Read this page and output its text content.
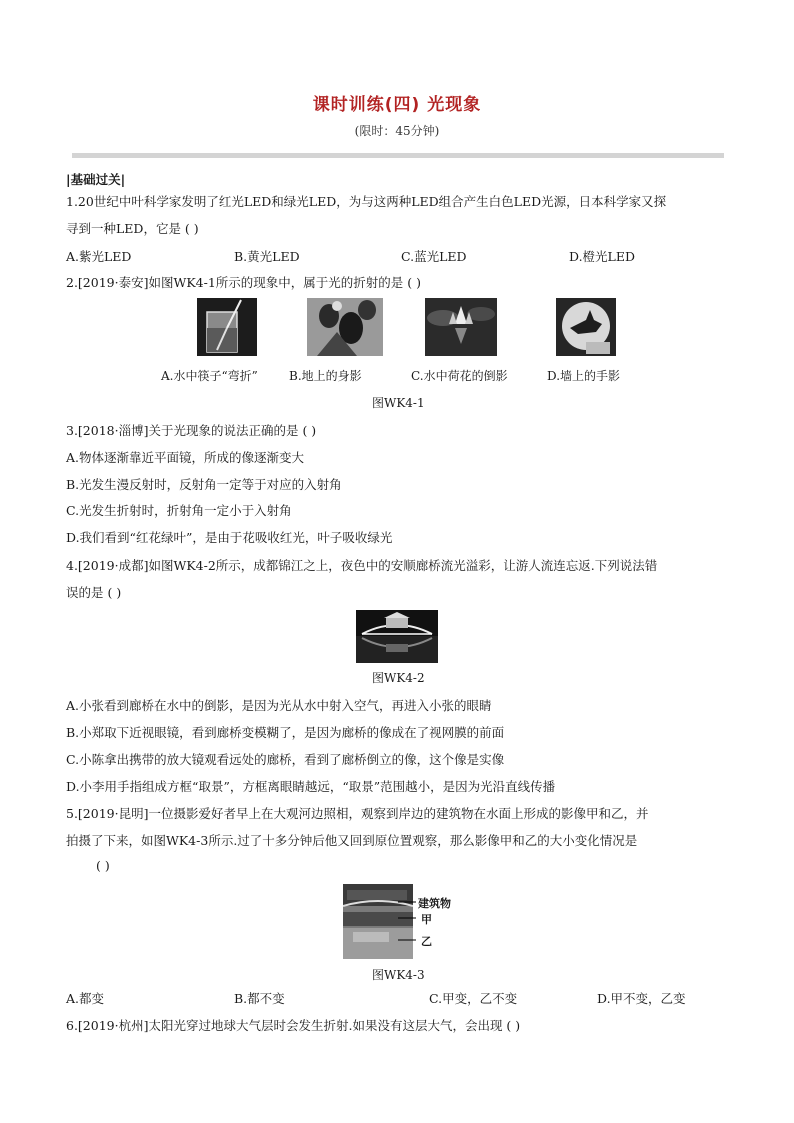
课时训练(四) 光现象
(限时：45分钟)
|基础过关|
1.20世纪中叶科学家发明了红光LED和绿光LED，为与这两种LED组合产生白色LED光源，日本科学家又探
寻到一种LED，它是 ( )
A.紫光LED	B.黄光LED	C.蓝光LED	D.橙光LED
2.[2019·泰安]如图WK4-1所示的现象中，属于光的折射的是 ( )
A.水中筷子“弯折”	B.地上的身影	C.水中荷花的倒影	D.墙上的手影
图WK4-1
3.[2018·淄博]关于光现象的说法正确的是 ( )
A.物体逐渐靠近平面镜，所成的像逐渐变大
B.光发生漫反射时，反射角一定等于对应的入射角
C.光发生折射时，折射角一定小于入射角
D.我们看到“红花绿叶”，是由于花吸收红光，叶子吸收绿光
4.[2019·成都]如图WK4-2所示，成都锦江之上，夜色中的安顺廊桥流光溢彩，让游人流连忘返.下列说法错
误的是 ( )
图WK4-2
A.小张看到廊桥在水中的倒影，是因为光从水中射入空气，再进入小张的眼睛
B.小郑取下近视眼镜，看到廊桥变模糊了，是因为廊桥的像成在了视网膜的前面
C.小陈拿出携带的放大镜观看远处的廊桥，看到了廊桥倒立的像，这个像是实像
D.小李用手指组成方框“取景”，方框离眼睛越远，“取景”范围越小，是因为光沿直线传播
5.[2019·昆明]一位摄影爱好者早上在大观河边照相，观察到岸边的建筑物在水面上形成的影像甲和乙，并
拍摄了下来，如图WK4-3所示.过了十多分钟后他又回到原位置观察，那么影像甲和乙的大小变化情况是
( )
建筑物
甲
乙
图WK4-3
A.都变	B.都不变	C.甲变，乙不变	D.甲不变，乙变
6.[2019·杭州]太阳光穿过地球大气层时会发生折射.如果没有这层大气，会出现 ( )
